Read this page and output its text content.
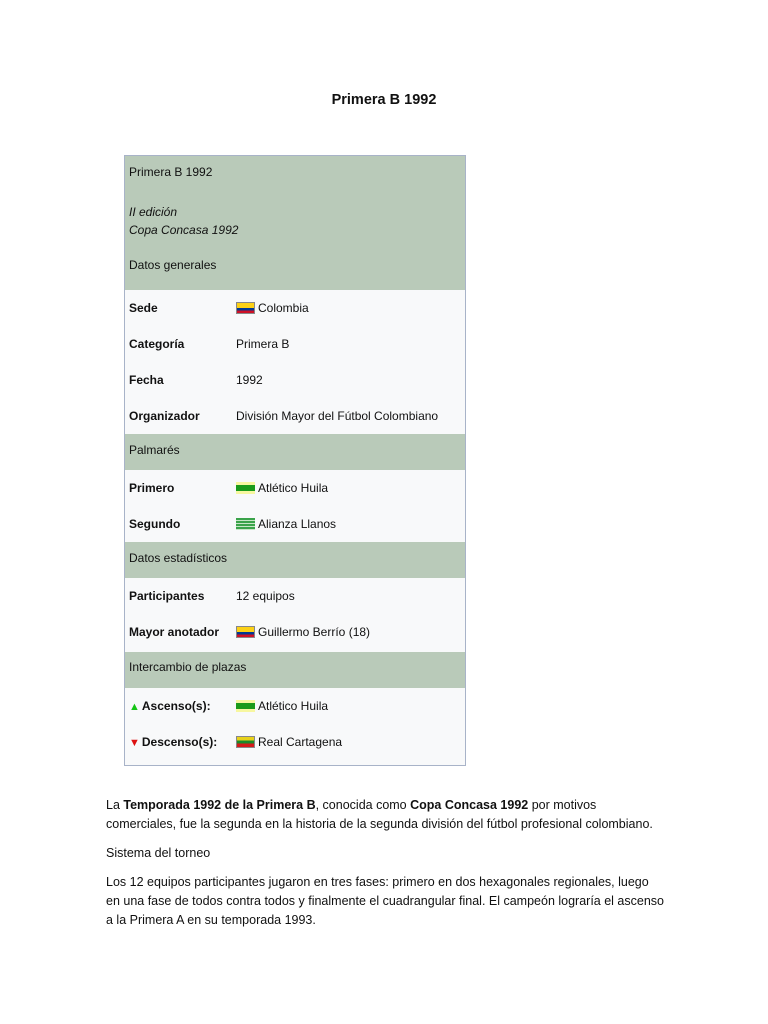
Primera B 1992
Primera B 1992
II edición
Copa Concasa 1992
Datos generales
Sede	Colombia
Categoría	Primera B
Fecha	1992
Organizador	División Mayor del Fútbol Colombiano
Palmarés
Primero	Atlético Huila
Segundo	Alianza Llanos
Datos estadísticos
Participantes	12 equipos
Mayor anotador	Guillermo Berrío (18)
Intercambio de plazas
▲ Ascenso(s):	Atlético Huila
▼ Descenso(s):	Real Cartagena

La Temporada 1992 de la Primera B, conocida como Copa Concasa 1992 por motivos comerciales, fue la segunda en la historia de la segunda división del fútbol profesional colombiano.

Sistema del torneo
Los 12 equipos participantes jugaron en tres fases: primero en dos hexagonales regionales, luego en una fase de todos contra todos y finalmente el cuadrangular final. El campeón lograría el ascenso a la Primera A en su temporada 1993.
